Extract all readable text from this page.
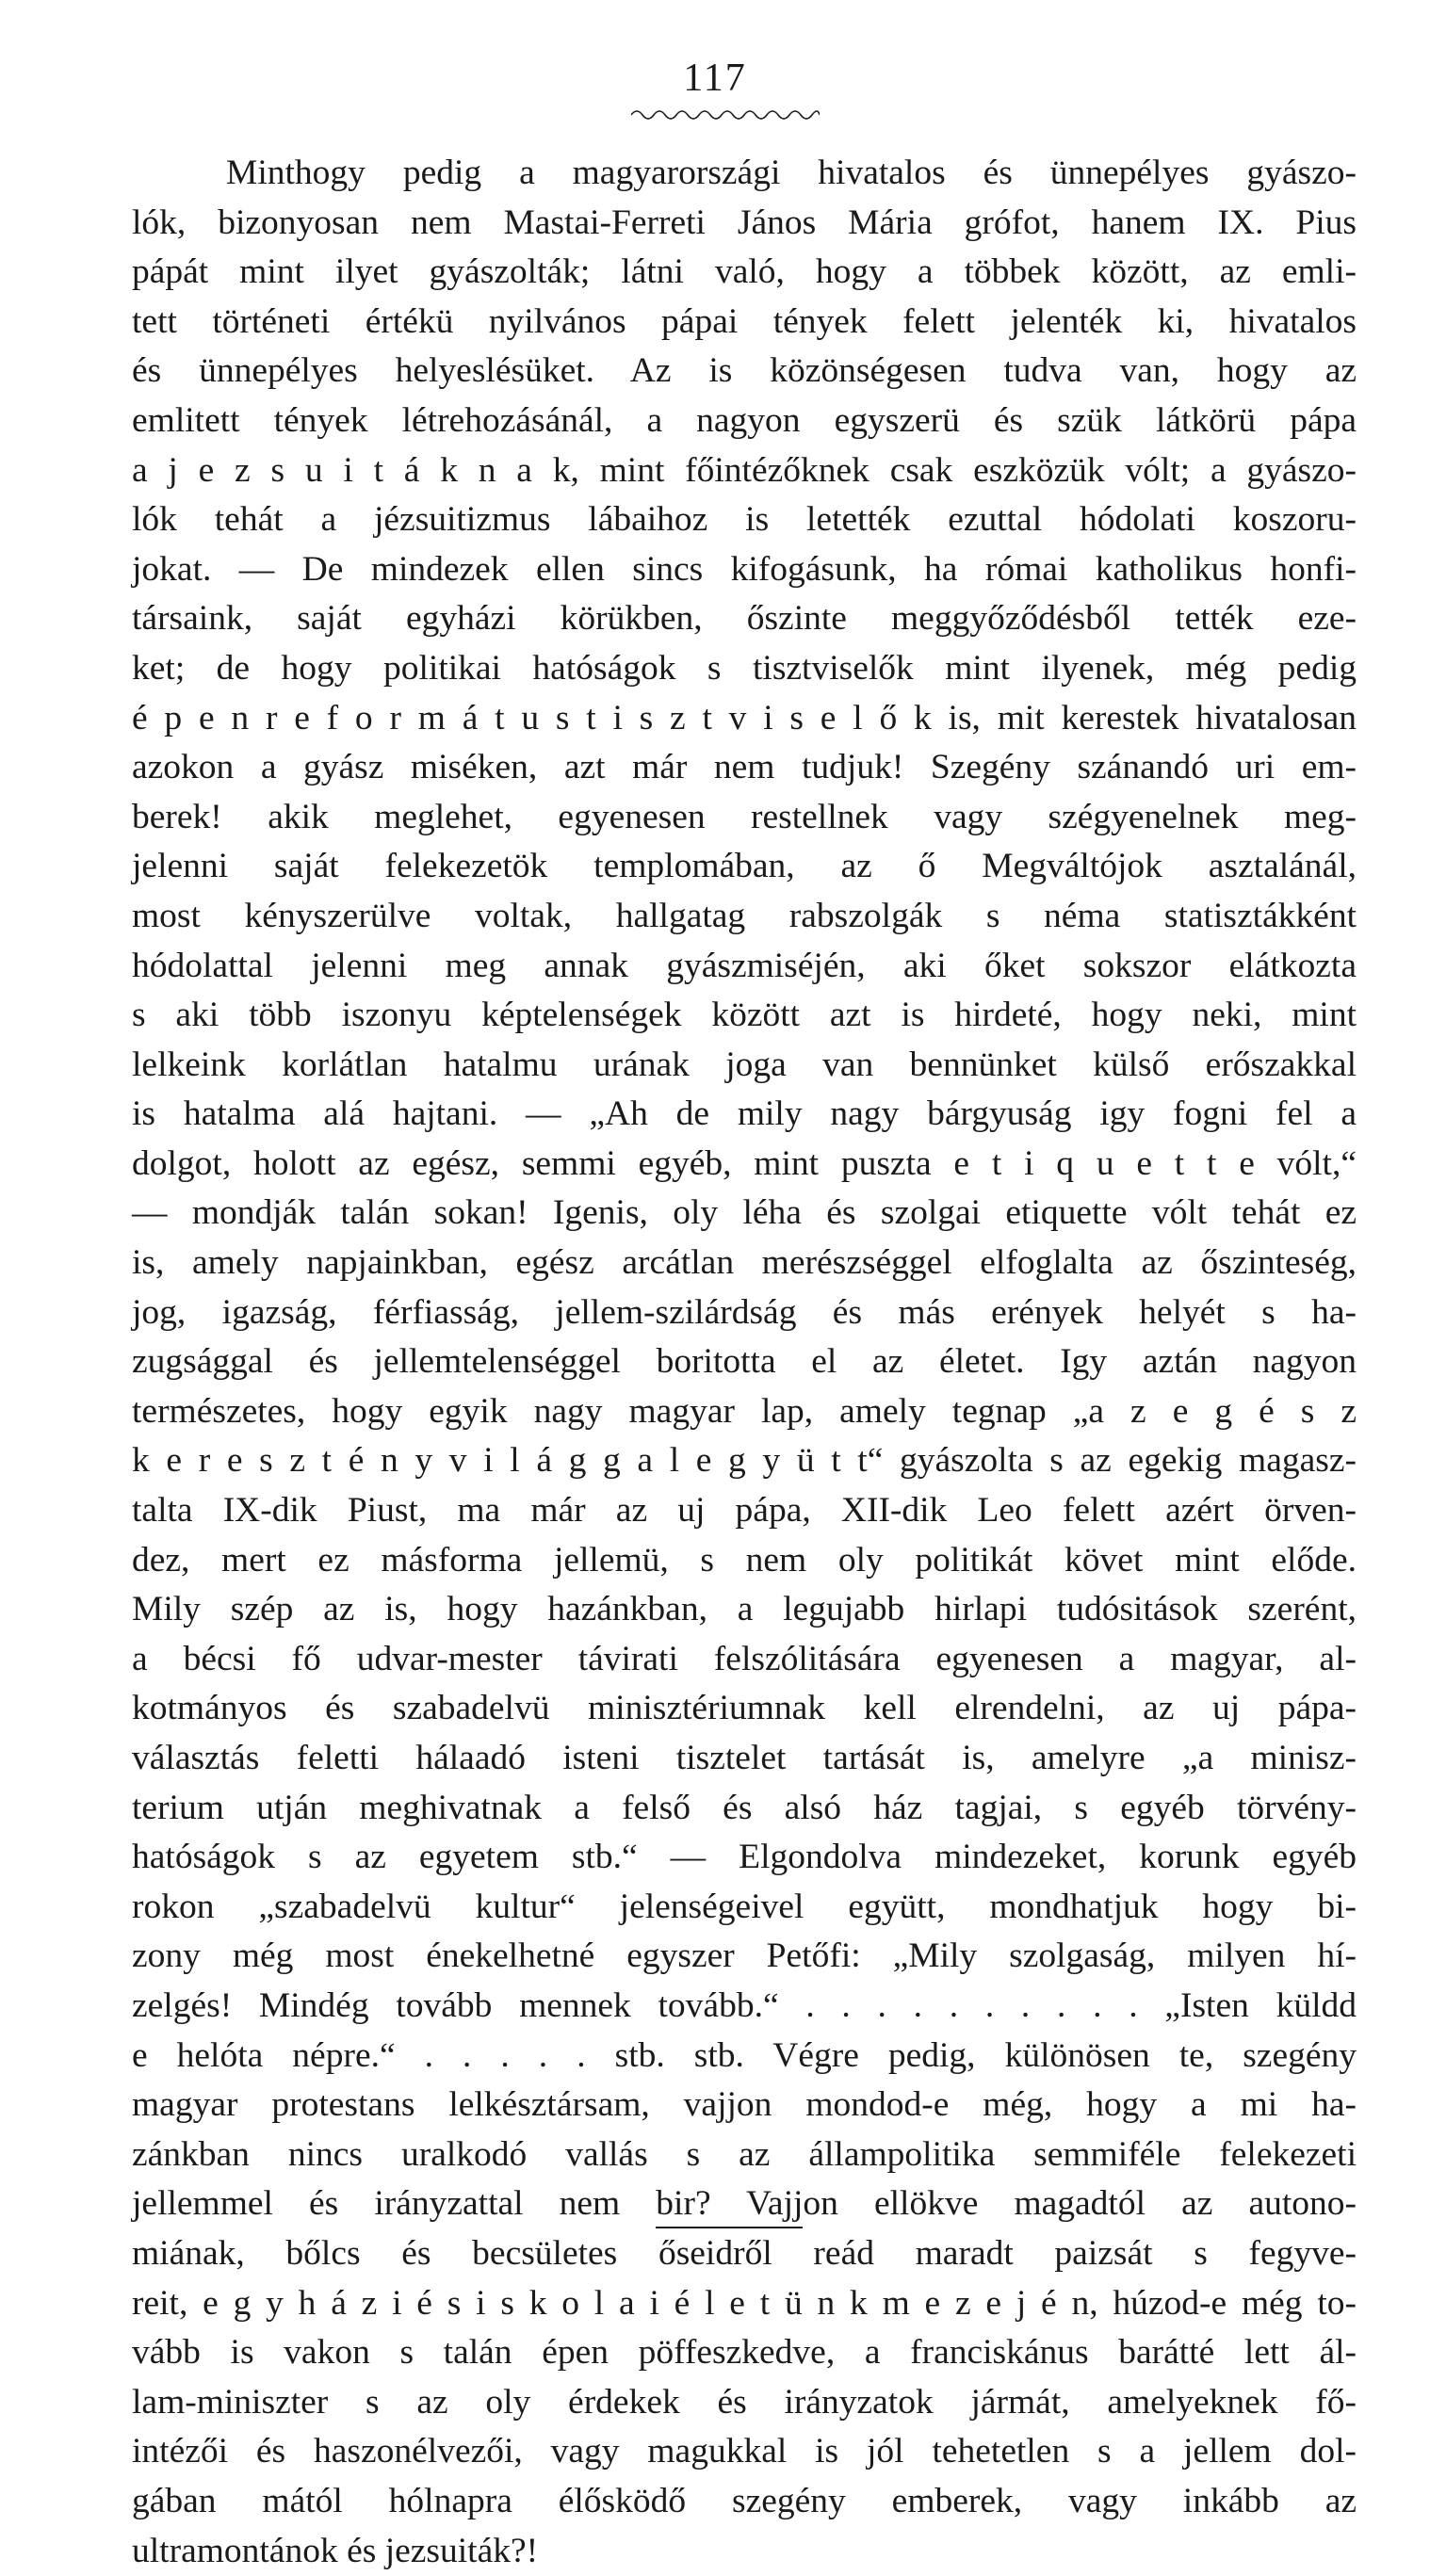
117
Minthogy pedig a magyarországi hivatalos és ünnepélyes gyászo-
lók, bizonyosan nem Mastai-Ferreti János Mária grófot, hanem IX. Pius
pápát mint ilyet gyászolták; látni való, hogy a többek között, az emli-
tett történeti értékü nyilvános pápai tények felett jelenték ki, hivatalos
és ünnepélyes helyeslésüket. Az is közönségesen tudva van, hogy az
emlitett tények létrehozásánál, a nagyon egyszerü és szük látkörü pápa
a j e z s u i t á k n a k, mint főintézőknek csak eszközük vólt; a gyászo-
lók tehát a jézsuitizmus lábaihoz is letették ezuttal hódolati koszoru-
jokat. — De mindezek ellen sincs kifogásunk, ha római katholikus honfi-
társaink, saját egyházi körükben, őszinte meggyőződésből tették eze-
ket; de hogy politikai hatóságok s tisztviselők mint ilyenek, még pedig
é p e n r e f o r m á t u s t i s z t v i s e l ő k is, mit kerestek hivatalosan
azokon a gyász miséken, azt már nem tudjuk! Szegény szánandó uri em-
berek! akik meglehet, egyenesen restellnek vagy szégyenelnek meg-
jelenni saját felekezetök templomában, az ő Megváltójok asztalánál,
most kényszerülve voltak, hallgatag rabszolgák s néma statisztákként
hódolattal jelenni meg annak gyászmiséjén, aki őket sokszor elátkozta
s aki több iszonyu képtelenségek között azt is hirdeté, hogy neki, mint
lelkeink korlátlan hatalmu urának joga van bennünket külső erőszakkal
is hatalma alá hajtani. — „Ah de mily nagy bárgyuság igy fogni fel a
dolgot, holott az egész, semmi egyéb, mint puszta e t i q u e t t e vólt,“
— mondják talán sokan! Igenis, oly léha és szolgai etiquette vólt tehát ez
is, amely napjainkban, egész arcátlan merészséggel elfoglalta az őszinteség,
jog, igazság, férfiasság, jellem-szilárdság és más erények helyét s ha-
zugsággal és jellemtelenséggel boritotta el az életet. Igy aztán nagyon
természetes, hogy egyik nagy magyar lap, amely tegnap „a z e g é s z
k e r e s z t é n y v i l á g g a l e g y ü t t“ gyászolta s az egekig magasz-
talta IX-dik Piust, ma már az uj pápa, XII-dik Leo felett azért örven-
dez, mert ez másforma jellemü, s nem oly politikát követ mint elődе.
Mily szép az is, hogy hazánkban, a legujabb hirlapi tudósitások szerént,
a bécsi fő udvar-mester távirati felszólitására egyenesen a magyar, al-
kotmányos és szabadelvü minisztériumnak kell elrendelni, az uj pápa-
választás feletti hálaadó isteni tisztelet tartását is, amelyre „a minisz-
terium utján meghivatnak a felső és alsó ház tagjai, s egyéb törvény-
hatóságok s az egyetem stb.“ — Elgondolva mindezeket, korunk egyéb
rokon „szabadelvü kultur“ jelenségeivel együtt, mondhatjuk hogy bi-
zony még most énekelhetné egyszer Petőfi: „Mily szolgaság, milyen hí-
zelgés! Mindég tovább mennek tovább.“ . . . . . . . . . . „Isten küldd
e helóta népre.“ . . . . . stb. stb. Végre pedig, különösen te, szegény
magyar protestans lelkésztársam, vajjon mondod-e még, hogy a mi ha-
zánkban nincs uralkodó vallás s az állampolitika semmiféle felekezeti
jellemmel és irányzattal nem bir? Vajjon ellökve magadtól az autono-
miának, bőlcs és becsületes őseidről reád maradt paizsát s fegyve-
reit, e g y h á z i é s i s k o l a i é l e t ü n k m e z e j é n, húzod-e még to-
vább is vakon s talán épen pöffeszkedve, a franciskánus barátté lett ál-
lam-miniszter s az oly érdekek és irányzatok jármát, amelyeknek fő-
intézői és haszonélvezői, vagy magukkal is jól tehetetlen s a jellem dol-
gában mától hólnapra élősködő szegény emberek, vagy inkább az
ultramontánok és jezsuiták?!
